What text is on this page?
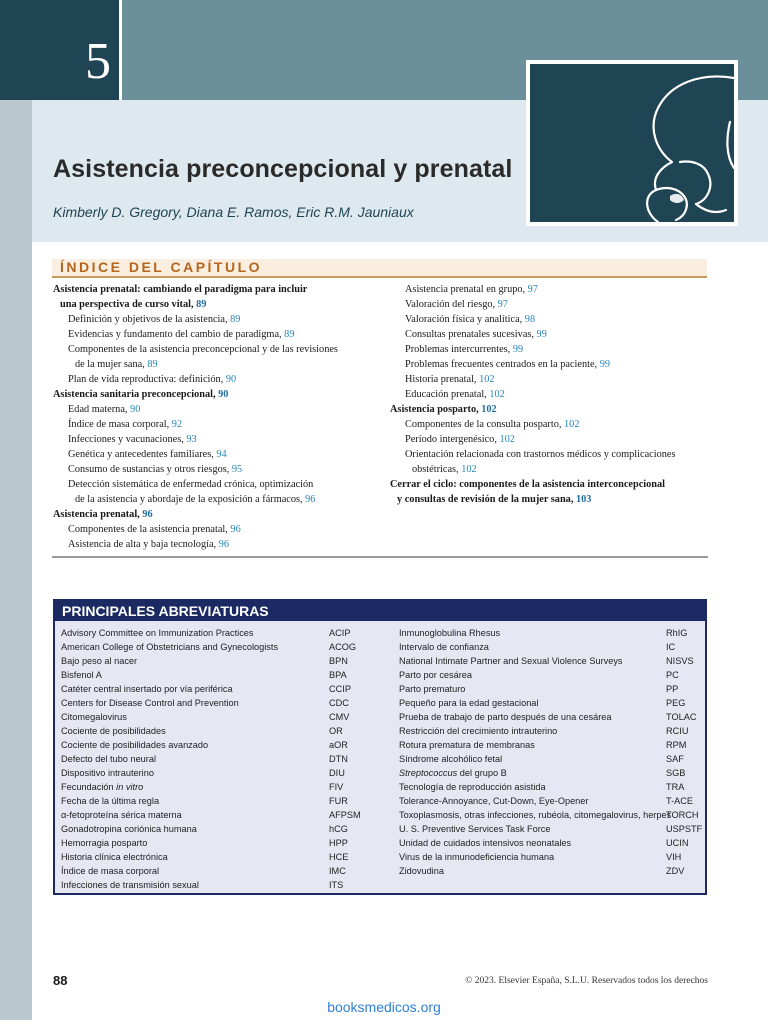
5
Asistencia preconcepcional y prenatal
Kimberly D. Gregory, Diana E. Ramos, Eric R.M. Jauniaux
ÍNDICE DEL CAPÍTULO
Asistencia prenatal: cambiando el paradigma para incluir
una perspectiva de curso vital, 89
Definición y objetivos de la asistencia, 89
Evidencias y fundamento del cambio de paradigma, 89
Componentes de la asistencia preconcepcional y de las revisiones
de la mujer sana, 89
Plan de vida reproductiva: definición, 90
Asistencia sanitaria preconcepcional, 90
Edad materna, 90
Índice de masa corporal, 92
Infecciones y vacunaciones, 93
Genética y antecedentes familiares, 94
Consumo de sustancias y otros riesgos, 95
Detección sistemática de enfermedad crónica, optimización
de la asistencia y abordaje de la exposición a fármacos, 96
Asistencia prenatal, 96
Componentes de la asistencia prenatal, 96
Asistencia de alta y baja tecnología, 96
Asistencia prenatal en grupo, 97
Valoración del riesgo, 97
Valoración física y analítica, 98
Consultas prenatales sucesivas, 99
Problemas intercurrentes, 99
Problemas frecuentes centrados en la paciente, 99
Historia prenatal, 102
Educación prenatal, 102
Asistencia posparto, 102
Componentes de la consulta posparto, 102
Período intergenésico, 102
Orientación relacionada con trastornos médicos y complicaciones
obstétricas, 102
Cerrar el ciclo: componentes de la asistencia interconcepcional
y consultas de revisión de la mujer sana, 103
PRINCIPALES ABREVIATURAS
Advisory Committee on Immunization Practices	ACIP
American College of Obstetricians and Gynecologists	ACOG
Bajo peso al nacer	BPN
Bisfenol A	BPA
Catéter central insertado por vía periférica	CCIP
Centers for Disease Control and Prevention	CDC
Citomegalovirus	CMV
Cociente de posibilidades	OR
Cociente de posibilidades avanzado	aOR
Defecto del tubo neural	DTN
Dispositivo intrauterino	DIU
Fecundación in vitro	FIV
Fecha de la última regla	FUR
α-fetoproteína sérica materna	AFPSM
Gonadotropina coriónica humana	hCG
Hemorragia posparto	HPP
Historia clínica electrónica	HCE
Índice de masa corporal	IMC
Infecciones de transmisión sexual	ITS
Inmunoglobulina Rhesus	RhIG
Intervalo de confianza	IC
National Intimate Partner and Sexual Violence Surveys	NISVS
Parto por cesárea	PC
Parto prematuro	PP
Pequeño para la edad gestacional	PEG
Prueba de trabajo de parto después de una cesárea	TOLAC
Restricción del crecimiento intrauterino	RCIU
Rotura prematura de membranas	RPM
Síndrome alcohólico fetal	SAF
Streptococcus del grupo B	SGB
Tecnología de reproducción asistida	TRA
Tolerance-Annoyance, Cut-Down, Eye-Opener	T-ACE
Toxoplasmosis, otras infecciones, rubéola, citomegalovirus, herpes
TORCH
U. S. Preventive Services Task Force	USPSTF
Unidad de cuidados intensivos neonatales	UCIN
Virus de la inmunodeficiencia humana	VIH
Zidovudina	ZDV
88	© 2023. Elsevier España, S.L.U. Reservados todos los derechos
booksmedicos.org
